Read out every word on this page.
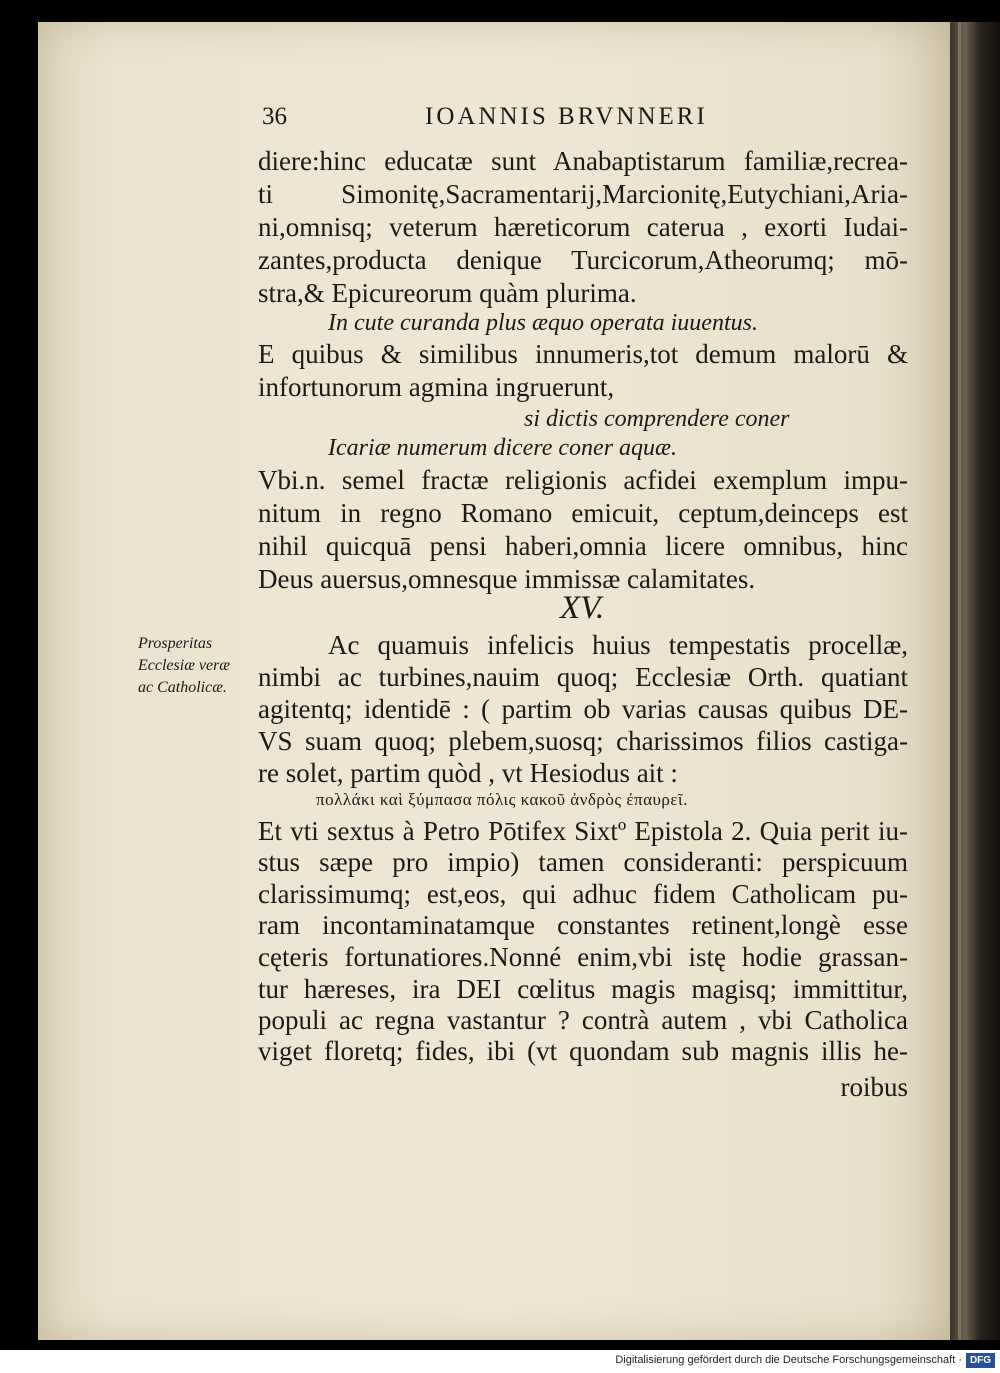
36	IOANNIS BRVNNERI
diere:hinc educatæ sunt Anabaptistarum familiæ,recrea-
ti Simonitę,Sacramentarij,Marcionitę,Eutychiani,Aria-
ni,omnisq; veterum hæreticorum caterua , exorti Iudai-
zantes,producta denique Turcicorum,Atheorumq; mō-
stra,& Epicureorum quàm plurima.
In cute curanda plus æquo operata iuuentus.
E quibus & similibus innumeris,tot demum malorū &
infortunorum agmina ingruerunt,
si dictis comprendere coner
Icariæ numerum dicere coner aquæ.
Vbi.n. semel fractæ religionis acfidei exemplum impu-
nitum in regno Romano emicuit, ceptum,deinceps est
nihil quicquā pensi haberi,omnia licere omnibus, hinc
Deus auersus,omnesque immissæ calamitates.
XV.
Prosperitas
Ecclesiæ veræ
ac Catholicæ.
Ac quamuis infelicis huius tempestatis procellæ,
nimbi ac turbines,nauim quoq; Ecclesiæ Orth. quatiant
agitentq; identidē : ( partim ob varias causas quibus DE-
VS suam quoq; plebem,suosq; charissimos filios castiga-
re solet, partim quòd , vt Hesiodus ait :
πολλάκι καὶ ξύμπασα πόλις κακοῦ ἀνδρὸς ἐπαυρεῖ.
Et vti sextus à Petro Pōtifex Sixtº Epistola 2. Quia perit iu-
stus sæpe pro impio) tamen consideranti: perspicuum
clarissimumq; est,eos, qui adhuc fidem Catholicam pu-
ram incontaminatamque constantes retinent,longè esse
cęteris fortunatiores.Nonné enim,vbi istę hodie grassan-
tur hæreses, ira DEI cœlitus magis magisq; immittitur,
populi ac regna vastantur ? contrà autem , vbi Catholica
viget floretq; fides, ibi (vt quondam sub magnis illis he-
roibus
Digitalisierung gefördert durch die Deutsche Forschungsgemeinschaft · DFG
